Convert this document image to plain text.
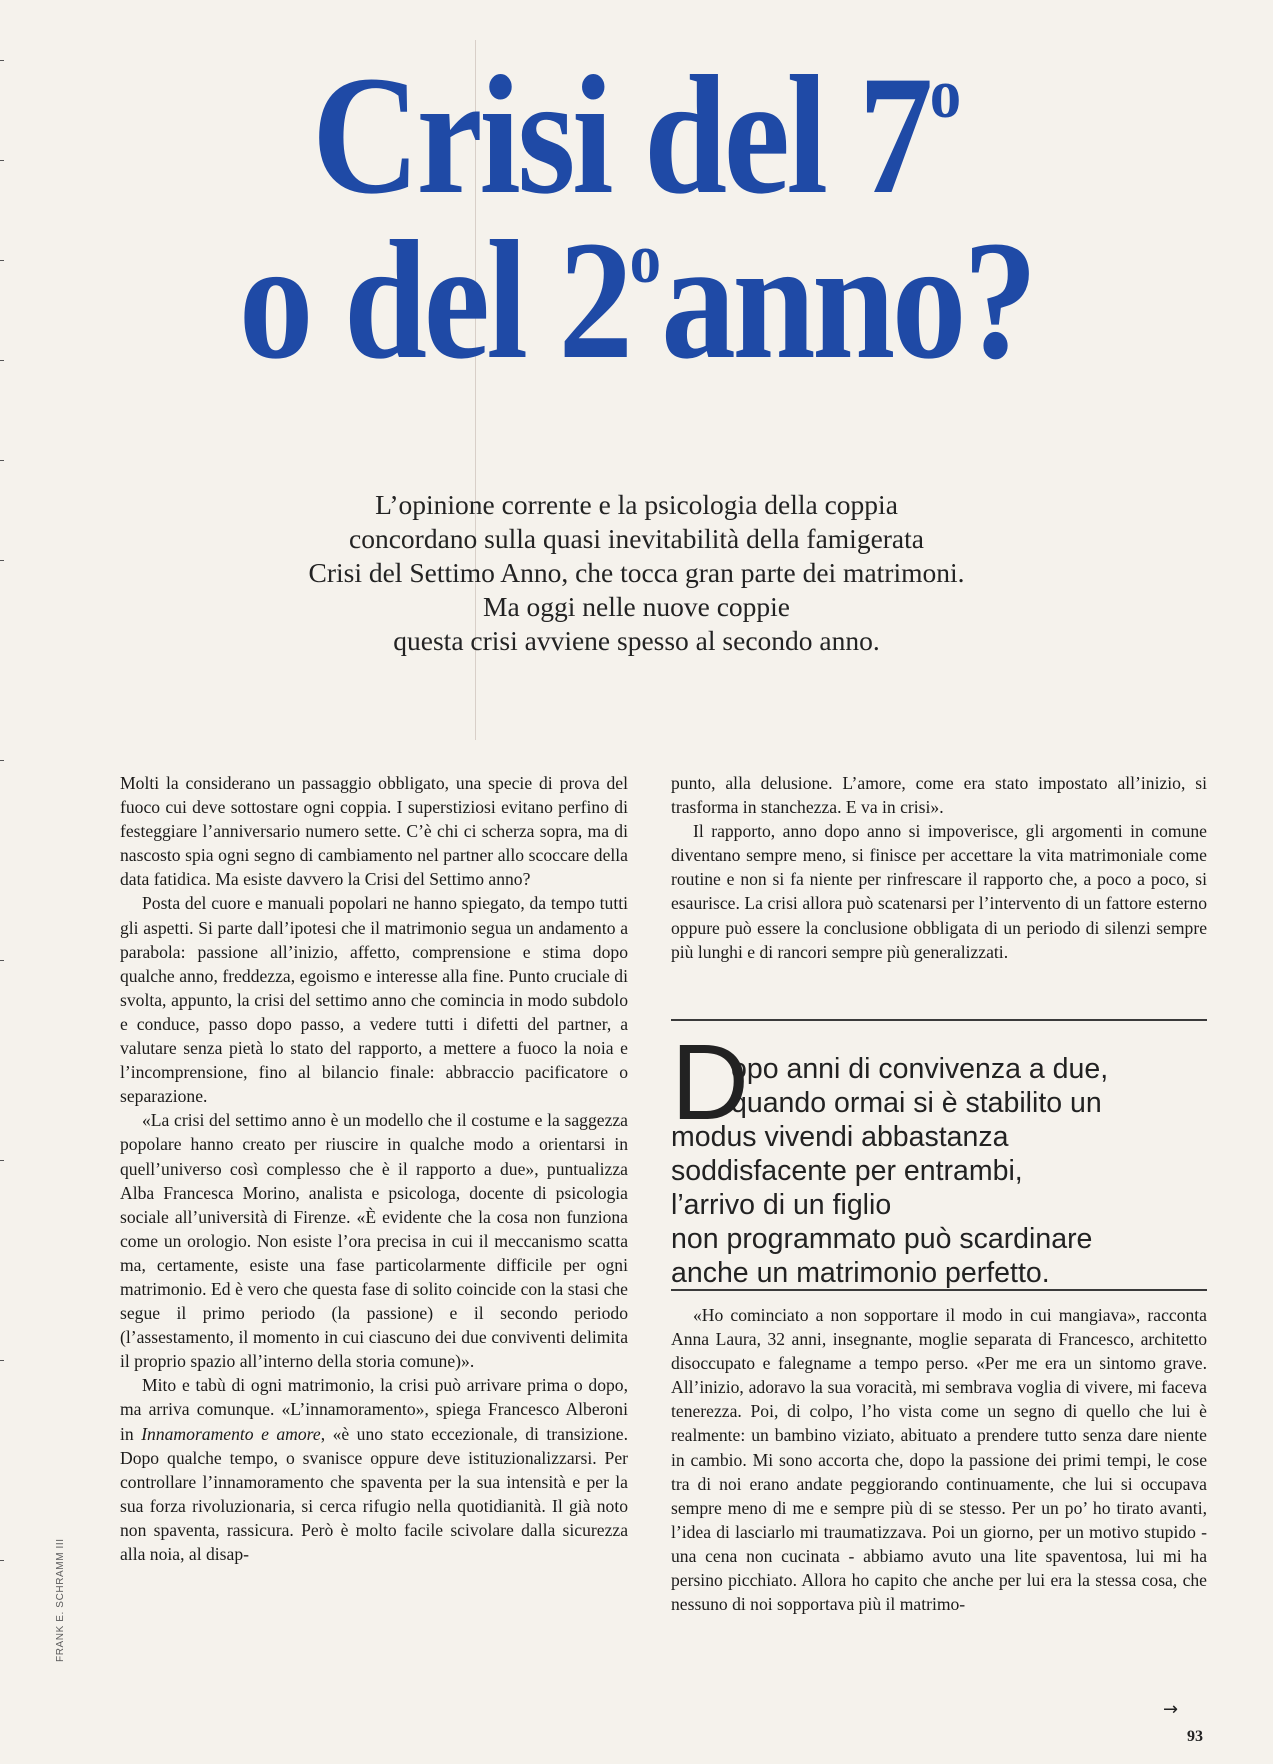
Crisi del 7$^o$
o del 2$^o$anno?
L’opinione corrente e la psicologia della coppia
concordano sulla quasi inevitabilità della famigerata
Crisi del Settimo Anno, che tocca gran parte dei matrimoni.
Ma oggi nelle nuove coppie
questa crisi avviene spesso al secondo anno.

Molti la considerano un passaggio obbligato, una specie di prova del fuoco cui deve sottostare ogni coppia. I superstiziosi evitano perfino di festeggiare l’anniversario numero sette. C’è chi ci scherza sopra, ma di nascosto spia ogni segno di cambiamento nel partner allo scoccare della data fatidica. Ma esiste davvero la Crisi del Settimo anno?

Posta del cuore e manuali popolari ne hanno spiegato, da tempo tutti gli aspetti. Si parte dall’ipotesi che il matrimonio segua un andamento a parabola: passione all’inizio, affetto, comprensione e stima dopo qualche anno, freddezza, egoismo e interesse alla fine. Punto cruciale di svolta, appunto, la crisi del settimo anno che comincia in modo subdolo e conduce, passo dopo passo, a vedere tutti i difetti del partner, a valutare senza pietà lo stato del rapporto, a mettere a fuoco la noia e l’incomprensione, fino al bilancio finale: abbraccio pacificatore o separazione.

«La crisi del settimo anno è un modello che il costume e la saggezza popolare hanno creato per riuscire in qualche modo a orientarsi in quell’universo così complesso che è il rapporto a due», puntualizza Alba Francesca Morino, analista e psicologa, docente di psicologia sociale all’università di Firenze. «È evidente che la cosa non funziona come un orologio. Non esiste l’ora precisa in cui il meccanismo scatta ma, certamente, esiste una fase particolarmente difficile per ogni matrimonio. Ed è vero che questa fase di solito coincide con la stasi che segue il primo periodo (la passione) e il secondo periodo (l’assestamento, il momento in cui ciascuno dei due conviventi delimita il proprio spazio all’interno della storia comune)».

Mito e tabù di ogni matrimonio, la crisi può arrivare prima o dopo, ma arriva comunque. «L’innamoramento», spiega Francesco Alberoni in Innamoramento e amore, «è uno stato eccezionale, di transizione. Dopo qualche tempo, o svanisce oppure deve istituzionalizzarsi. Per controllare l’innamoramento che spaventa per la sua intensità e per la sua forza rivoluzionaria, si cerca rifugio nella quotidianità. Il già noto non spaventa, rassicura. Però è molto facile scivolare dalla sicurezza alla noia, al disap-

punto, alla delusione. L’amore, come era stato impostato all’inizio, si trasforma in stanchezza. E va in crisi».

Il rapporto, anno dopo anno si impoverisce, gli argomenti in comune diventano sempre meno, si finisce per accettare la vita matrimoniale come routine e non si fa niente per rinfrescare il rapporto che, a poco a poco, si esaurisce. La crisi allora può scatenarsi per l’intervento di un fattore esterno oppure può essere la conclusione obbligata di un periodo di silenzi sempre più lunghi e di rancori sempre più generalizzati.

D
opo anni di convivenza a due,
quando ormai si è stabilito un
modus vivendi abbastanza
soddisfacente per entrambi,
l’arrivo di un figlio
non programmato può scardinare
anche un matrimonio perfetto.

«Ho cominciato a non sopportare il modo in cui mangiava», racconta Anna Laura, 32 anni, insegnante, moglie separata di Francesco, architetto disoccupato e falegname a tempo perso. «Per me era un sintomo grave. All’inizio, adoravo la sua voracità, mi sembrava voglia di vivere, mi faceva tenerezza. Poi, di colpo, l’ho vista come un segno di quello che lui è realmente: un bambino viziato, abituato a prendere tutto senza dare niente in cambio. Mi sono accorta che, dopo la passione dei primi tempi, le cose tra di noi erano andate peggiorando continuamente, che lui si occupava sempre meno di me e sempre più di se stesso. Per un po’ ho tirato avanti, l’idea di lasciarlo mi traumatizzava. Poi un giorno, per un motivo stupido - una cena non cucinata - abbiamo avuto una lite spaventosa, lui mi ha persino picchiato. Allora ho capito che anche per lui era la stessa cosa, che nessuno di noi sopportava più il matrimo-

→
93
FRANK E. SCHRAMM III
